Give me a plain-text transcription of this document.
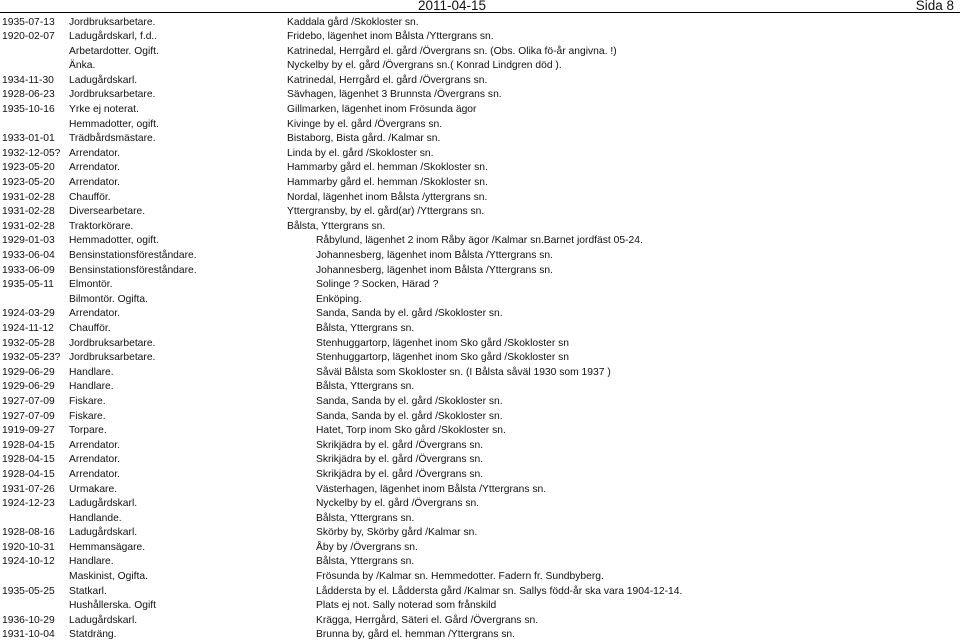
2011-04-15	Sida 8
1935-07-13 Jordbruksarbetare.	Kaddala gård /Skokloster sn.
1920-02-07 Ladugårdskarl, f.d..	Fridebo, lägenhet inom Bålsta /Yttergrans sn.
Arbetardotter. Ogift.	Katrinedal, Herrgård el. gård /Övergrans sn. (Obs. Olika fö-år angivna. !)
Änka.	Nyckelby by el. gård /Övergrans sn.( Konrad Lindgren död ).
1934-11-30 Ladugårdskarl.	Katrinedal, Herrgård el. gård /Övergrans sn.
1928-06-23 Jordbruksarbetare.	Sävhagen, lägenhet 3 Brunnsta /Övergrans sn.
1935-10-16 Yrke ej noterat.	Gillmarken, lägenhet inom Frösunda ägor
Hemmadotter, ogift.	Kivinge by el. gård /Övergrans sn.
1933-01-01 Trädbårdsmästare.	Bistaborg, Bista gård. /Kalmar sn.
1932-12-05? Arrendator.	Linda by el. gård /Skokloster sn.
1923-05-20 Arrendator.	Hammarby gård el. hemman /Skokloster sn.
1923-05-20 Arrendator.	Hammarby gård el. hemman /Skokloster sn.
1931-02-28 Chaufför.	Nordal, lägenhet inom Bålsta /yttergrans sn.
1931-02-28 Diversearbetare.	Yttergransby, by el. gård(ar) /Yttergrans sn.
1931-02-28 Traktorkörare.	Bålsta, Yttergrans sn.
1929-01-03 Hemmadotter, ogift.	Råbylund, lägenhet 2 inom Råby ägor /Kalmar sn.Barnet jordfäst 05-24.
1933-06-04 Bensinstationsföreståndare.	Johannesberg, lägenhet inom Bålsta /Yttergrans sn.
1933-06-09 Bensinstationsföreståndare.	Johannesberg, lägenhet inom Bålsta /Yttergrans sn.
1935-05-11 Elmontör.	Solinge ? Socken, Härad ?
Bilmontör. Ogifta.	Enköping.
1924-03-29 Arrendator.	Sanda, Sanda by el. gård /Skokloster sn.
1924-11-12 Chaufför.	Bålsta, Yttergrans sn.
1932-05-28 Jordbruksarbetare.	Stenhuggartorp, lägenhet inom Sko gård /Skokloster sn
1932-05-23? Jordbruksarbetare.	Stenhuggartorp, lägenhet inom Sko gård /Skokloster sn
1929-06-29 Handlare.	Såväl Bålsta som Skokloster sn. (I Bålsta såväl 1930 som 1937 )
1929-06-29 Handlare.	Bålsta, Yttergrans sn.
1927-07-09 Fiskare.	Sanda, Sanda by el. gård /Skokloster sn.
1927-07-09 Fiskare.	Sanda, Sanda by el. gård /Skokloster sn.
1919-09-27 Torpare.	Hatet, Torp inom Sko gård /Skokloster sn.
1928-04-15 Arrendator.	Skrikjädra by el. gård /Övergrans sn.
1928-04-15 Arrendator.	Skrikjädra by el. gård /Övergrans sn.
1928-04-15 Arrendator.	Skrikjädra by el. gård /Övergrans sn.
1931-07-26 Urmakare.	Västerhagen, lägenhet inom Bålsta /Yttergrans sn.
1924-12-23 Ladugårdskarl.	Nyckelby by el. gård /Övergrans sn.
Handlande.	Bålsta, Yttergrans sn.
1928-08-16 Ladugårdskarl.	Skörby by, Skörby gård /Kalmar sn.
1920-10-31 Hemmansägare.	Åby by /Övergrans sn.
1924-10-12 Handlare.	Bålsta, Yttergrans sn.
Maskinist, Ogifta.	Frösunda by /Kalmar sn. Hemmedotter. Fadern fr. Sundbyberg.
1935-05-25 Statkarl.	Låddersta by el. Låddersta gård /Kalmar sn. Sallys född-år ska vara 1904-12-14.
Hushållerska. Ogift	Plats ej not. Sally noterad som frånskild
1936-10-29 Ladugårdskarl.	Krägga, Herrgård, Säteri el. Gård /Övergrans sn.
1931-10-04 Statdräng.	Brunna by, gård el. hemman /Yttergrans sn.
